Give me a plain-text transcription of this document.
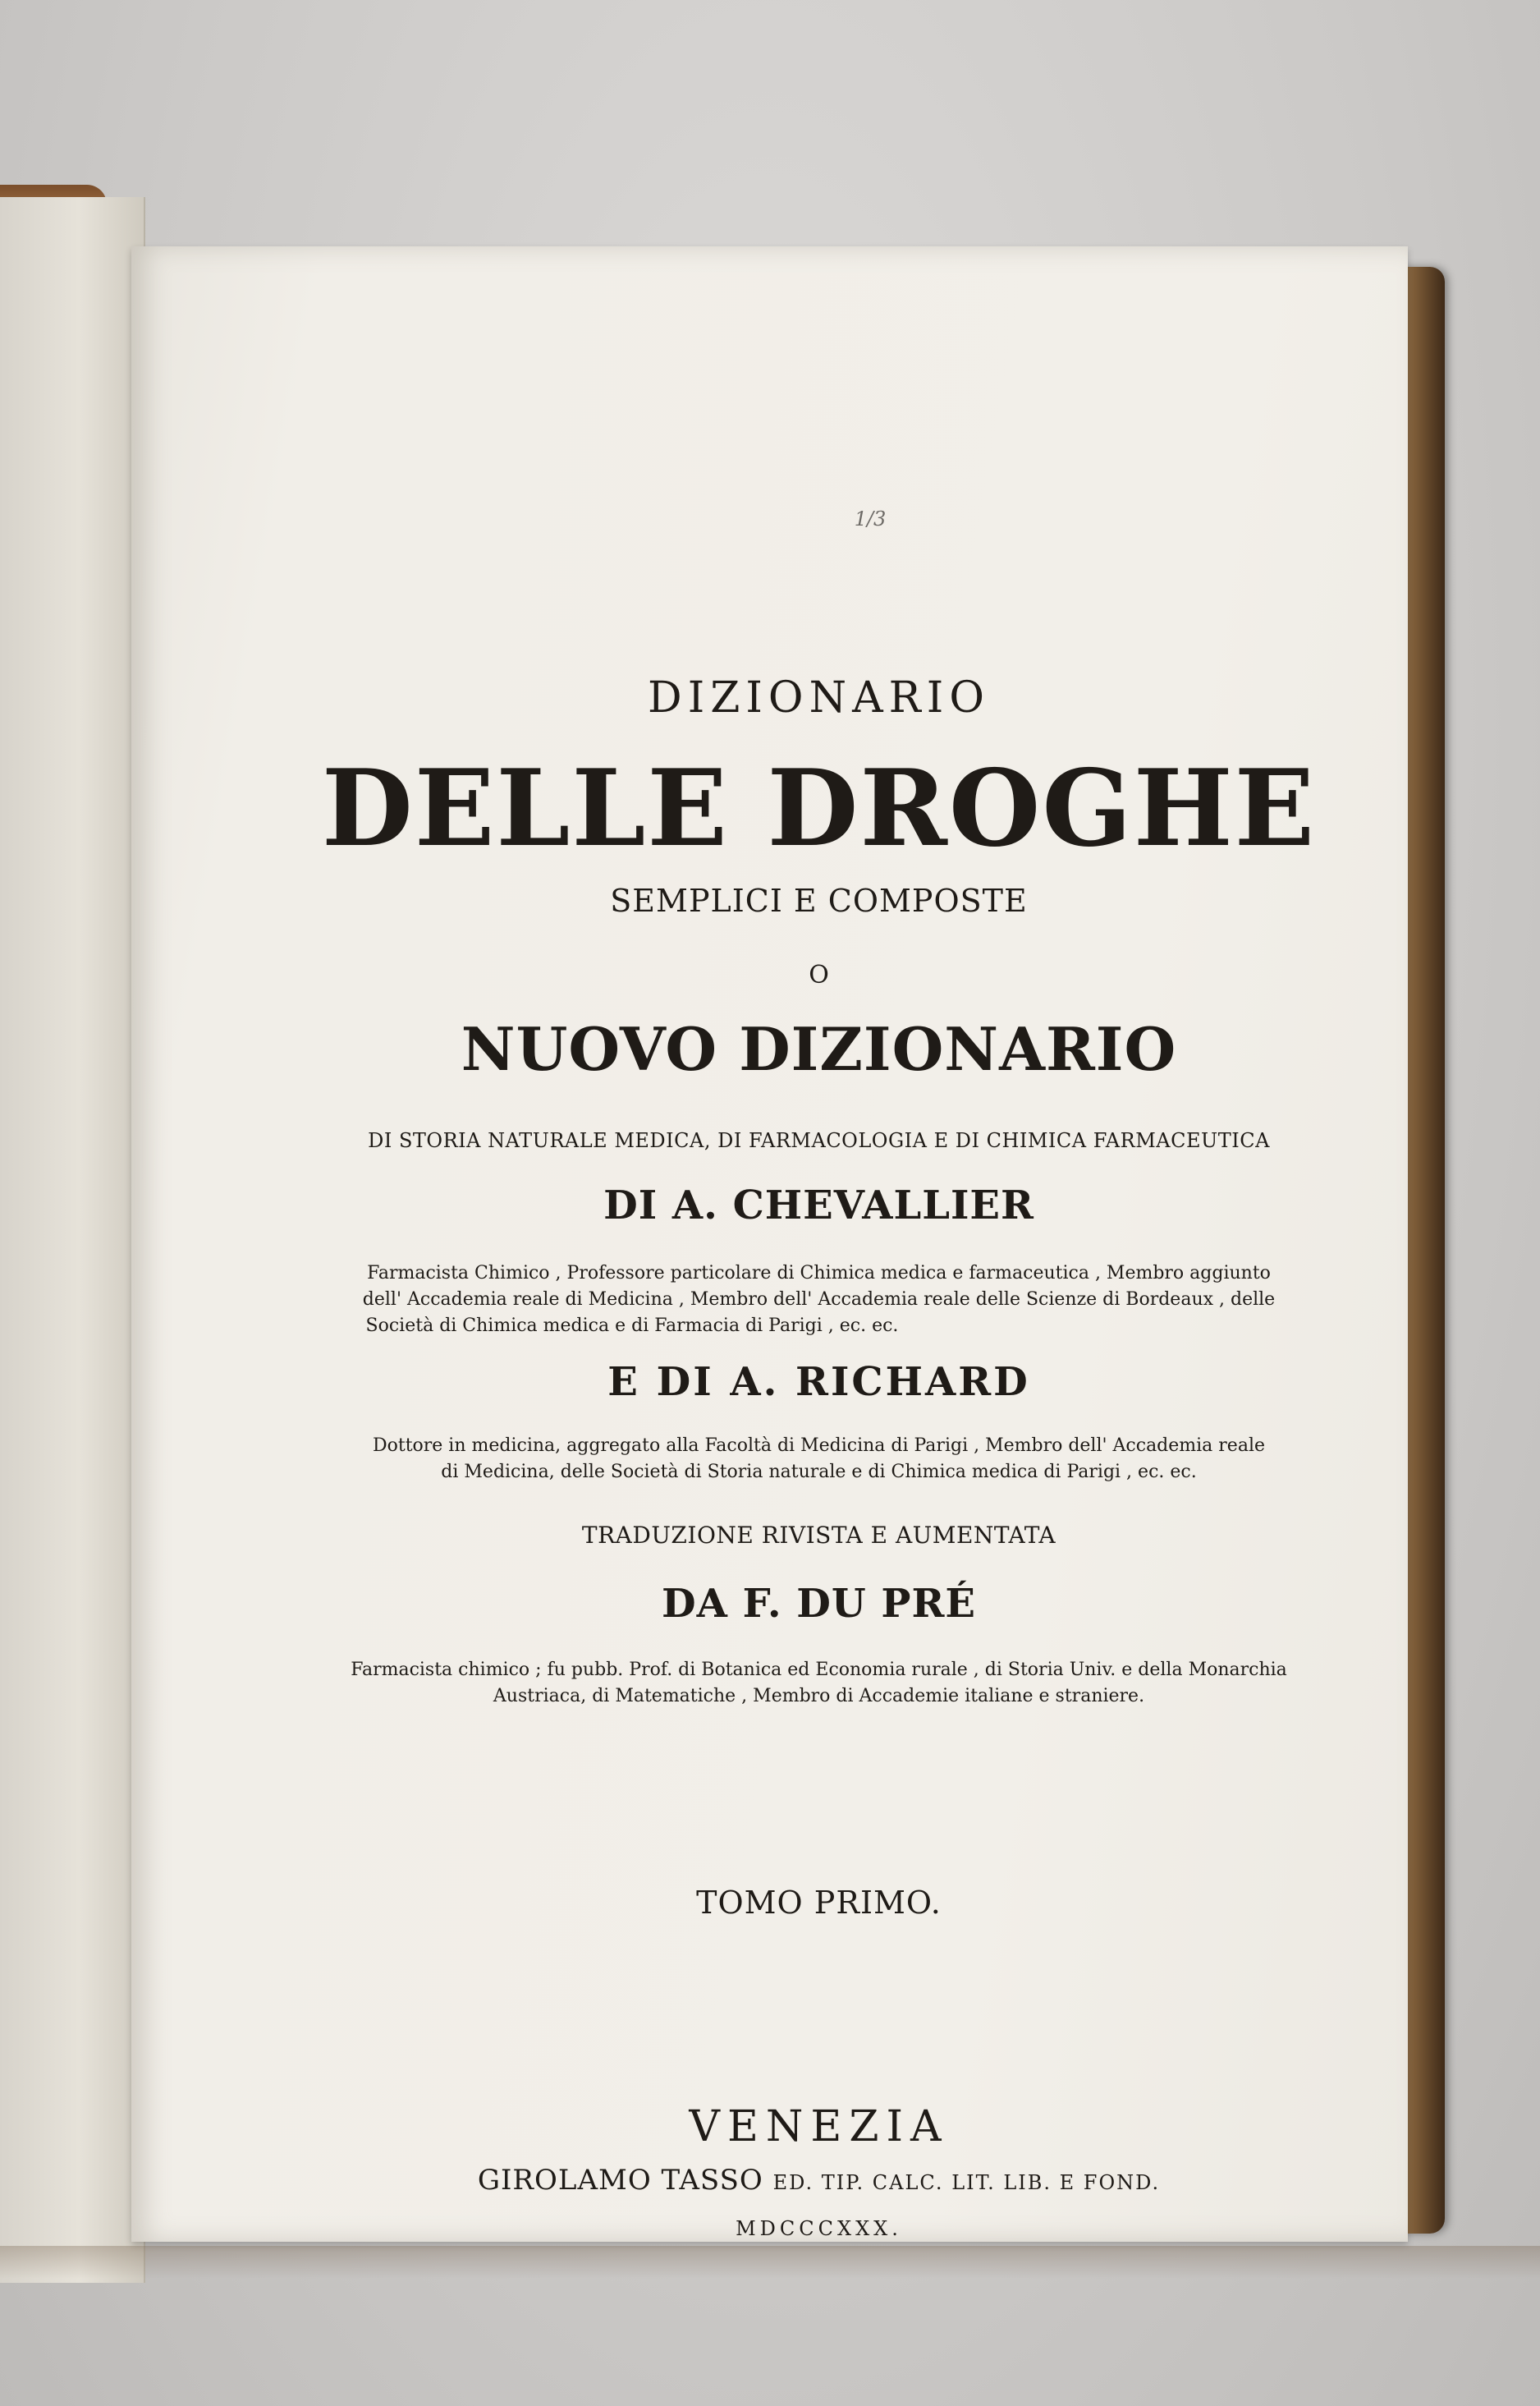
1/3
DIZIONARIO
DELLE DROGHE
SEMPLICI E COMPOSTE
O
NUOVO DIZIONARIO
DI STORIA NATURALE MEDICA, DI FARMACOLOGIA E DI CHIMICA FARMACEUTICA
DI A. CHEVALLIER
Farmacista Chimico , Professore particolare di Chimica medica e farmaceutica , Membro aggiunto
dell' Accademia reale di Medicina , Membro dell' Accademia reale delle Scienze di Bordeaux , delle
Società di Chimica medica e di Farmacia di Parigi , ec. ec.
E DI A. RICHARD
Dottore in medicina, aggregato alla Facoltà di Medicina di Parigi , Membro dell' Accademia reale
di Medicina, delle Società di Storia naturale e di Chimica medica di Parigi , ec. ec.
TRADUZIONE RIVISTA E AUMENTATA
DA F. DU PRÉ
Farmacista chimico ; fu pubb. Prof. di Botanica ed Economia rurale , di Storia Univ. e della Monarchia
Austriaca, di Matematiche , Membro di Accademie italiane e straniere.
TOMO PRIMO.
VENEZIA
GIROLAMO TASSO ED. TIP. CALC. LIT. LIB. E FOND.
MDCCCXXX.
